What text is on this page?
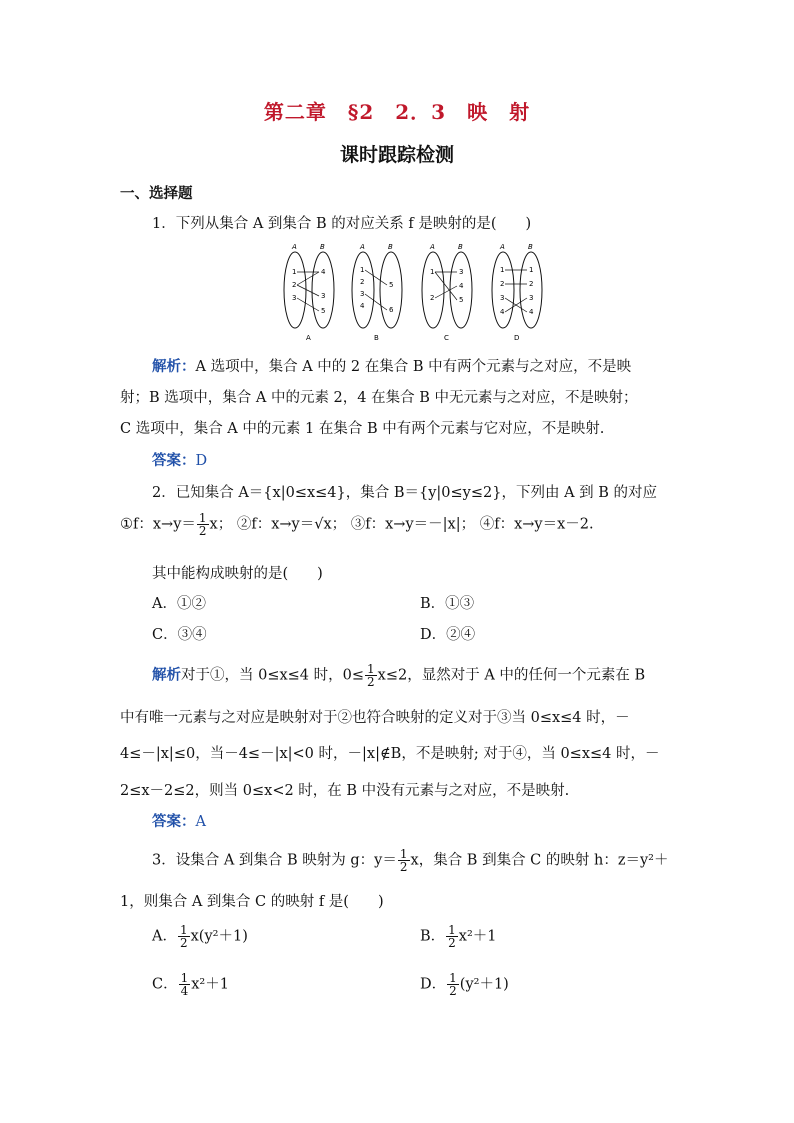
第二章　§2　2．3　映　射
课时跟踪检测
一、选择题
1．下列从集合 A 到集合 B 的对应关系 f 是映射的是(　　)
A	B
1
2
3
4
3
5
A
A	B
1
2
3
4
5
6
B
A	B
1
2
3
4
5
C
A	B
1
2
3
4
1
2
3
4
D
解析：A 选项中，集合 A 中的 2 在集合 B 中有两个元素与之对应，不是映
射；B 选项中，集合 A 中的元素 2，4 在集合 B 中无元素与之对应，不是映射；
C 选项中，集合 A 中的元素 1 在集合 B 中有两个元素与它对应，不是映射.
答案：D
2．已知集合 A＝{x|0≤x≤4}，集合 B＝{y|0≤y≤2}，下列由 A 到 B 的对应
①f：$x\to y= \frac{1}{2}$ x； ②f：x→y＝√x； ③f：x→y＝－|x|； ④f：x→y＝x－2.
其中能构成映射的是(　　)
A．①②	B．①③
C．③④	D．②④
解析对于①，当 0≤x≤4 时，$0\le \frac{1}{2} x\le 2$，显然对于 A 中的任何一个元素在 B
中有唯一元素与之对应是映射对于②也符合映射的定义对于③当 0≤x≤4 时，－
4≤－|x|≤0，当－4≤－|x|<0 时，－|x|∉B，不是映射; 对于④，当 0≤x≤4 时，－
2≤x－2≤2，则当 0≤x<2 时，在 B 中没有元素与之对应，不是映射.
答案：A
3．设集合 A 到集合 B 映射为 g：$y= \frac{1}{2}$ x，集合 B 到集合 C 的映射 h：z＝y²＋
1，则集合 A 到集合 C 的映射 f 是(　　)
A． $\frac{1}{2} x(y^2+1)$	B． $\frac{1}{2} x^2+1$
C． $\frac{1}{4} x^2+1$	D． $\frac{1}{2} (y^2+1)$
